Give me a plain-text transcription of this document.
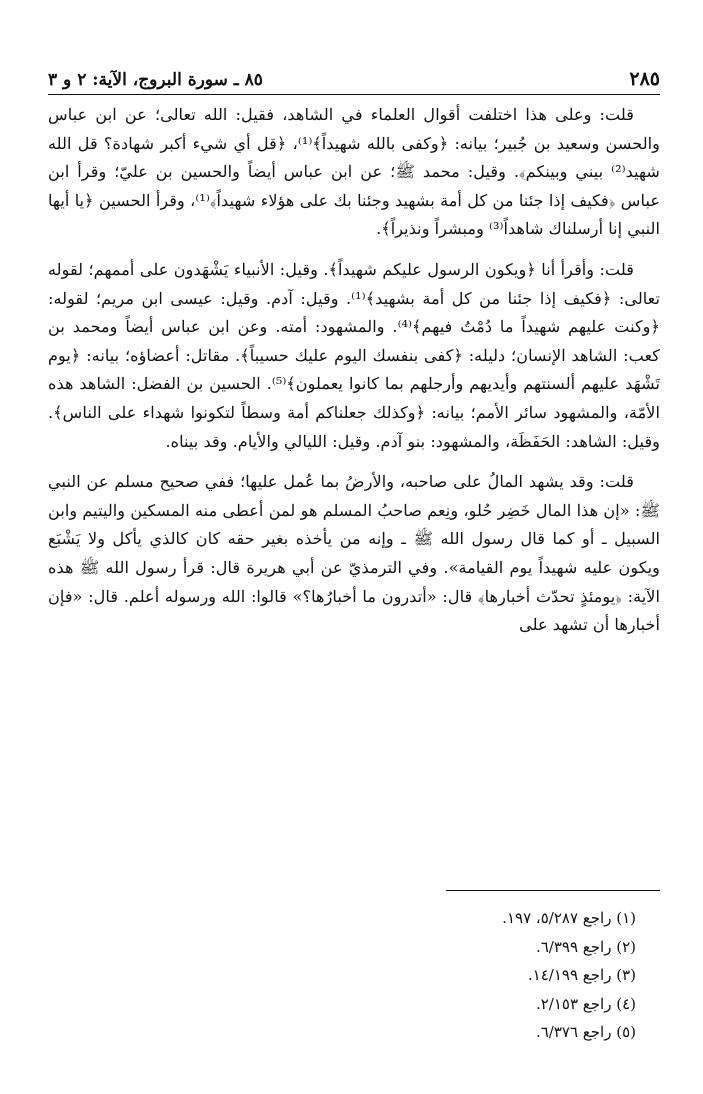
٢٨٥
٨٥ ـ سورة البروج، الآية: ٢ و ٣

قلت: وعلى هذا اختلفت أقوال العلماء في الشاهد، فقيل: الله تعالى؛ عن ابن عباس والحسن وسعيد بن جُبير؛ بيانه: ﴿وكفى بالله شهيداً﴾⁽¹⁾، ﴿قل أي شيء أكبر شهادة؟ قل الله شهيد⁽²⁾ بيني وبينكم﴾. وقيل: محمد ﷺ؛ عن ابن عباس أيضاً والحسين بن عليّ؛ وقرأ ابن عباس ﴿فكيف إذا جئنا من كل أمة بشهيد وجئنا بك على هؤلاء شهيداً﴾⁽¹⁾، وقرأ الحسين ﴿يا أيها النبي إنا أرسلناك شاهداً⁽³⁾ ومبشراً ونذيراً﴾.

قلت: وأقرأ أنا ﴿ويكون الرسول عليكم شهيداً﴾. وقيل: الأنبياء يَشْهَدون على أممهم؛ لقوله تعالى: ﴿فكيف إذا جئنا من كل أمة بشهيد﴾⁽¹⁾. وقيل: آدم. وقيل: عيسى ابن مريم؛ لقوله: ﴿وكنت عليهم شهيداً ما دُمْتُ فيهم﴾⁽⁴⁾. والمشهود: أمته. وعن ابن عباس أيضاً ومحمد بن كعب: الشاهد الإنسان؛ دليله: ﴿كفى بنفسك اليوم عليك حسيباً﴾. مقاتل: أعضاؤه؛ بيانه: ﴿يوم تَشْهَد عليهم ألسنتهم وأيديهم وأرجلهم بما كانوا يعملون﴾⁽⁵⁾. الحسين بن الفضل: الشاهد هذه الأمّة، والمشهود سائر الأمم؛ بيانه: ﴿وكذلك جعلناكم أمة وسطاً لتكونوا شهداء على الناس﴾. وقيل: الشاهد: الحَفَظَة، والمشهود: بنو آدم. وقيل: الليالي والأيام. وقد بيناه.

قلت: وقد يشهد المالُ على صاحبه، والأرضُ بما عُمل عليها؛ ففي صحيح مسلم عن النبي ﷺ: «إن هذا المال خَضِر حُلو، ونِعم صاحبُ المسلم هو لمن أعطى منه المسكين واليتيم وابن السبيل ـ أو كما قال رسول الله ﷺ ـ وإنه من يأخذه بغير حقه كان كالذي يأكل ولا يَشْبَع ويكون عليه شهيداً يوم القيامة». وفي الترمذيّ عن أبي هريرة قال: قرأ رسول الله ﷺ هذه الآية: ﴿يومئذٍ تحدّث أخبارها﴾ قال: «أتدرون ما أخبارُها؟» قالوا: الله ورسوله أعلم. قال: «فإن أخبارها أن تشهد على

(١) راجع ٥/٢٨٧، ١٩٧.
(٢) راجع ٦/٣٩٩.
(٣) راجع ١٤/١٩٩.
(٤) راجع ٢/١٥٣.
(٥) راجع ٦/٣٧٦.
